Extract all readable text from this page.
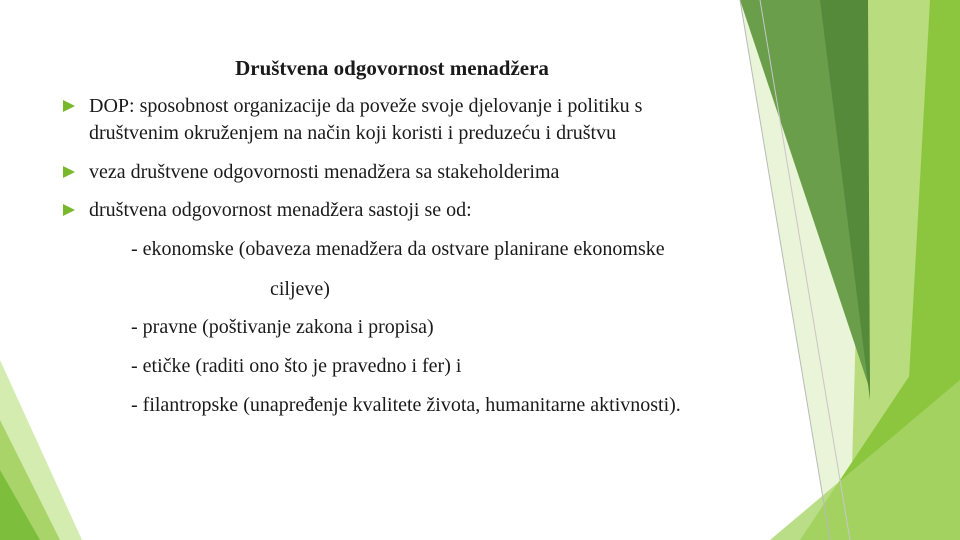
Društvena odgovornost menadžera
DOP: sposobnost organizacije da poveže svoje djelovanje i politiku s
društvenim okruženjem na način koji koristi i preduzeću i društvu
veza društvene odgovornosti menadžera sa stakeholderima
društvena odgovornost menadžera sastoji se od:
- ekonomske (obaveza menadžera da ostvare planirane ekonomske
ciljeve)
- pravne (poštivanje zakona i propisa)
- etičke (raditi ono što je pravedno i fer) i
- filantropske (unapređenje kvalitete života, humanitarne aktivnosti).
